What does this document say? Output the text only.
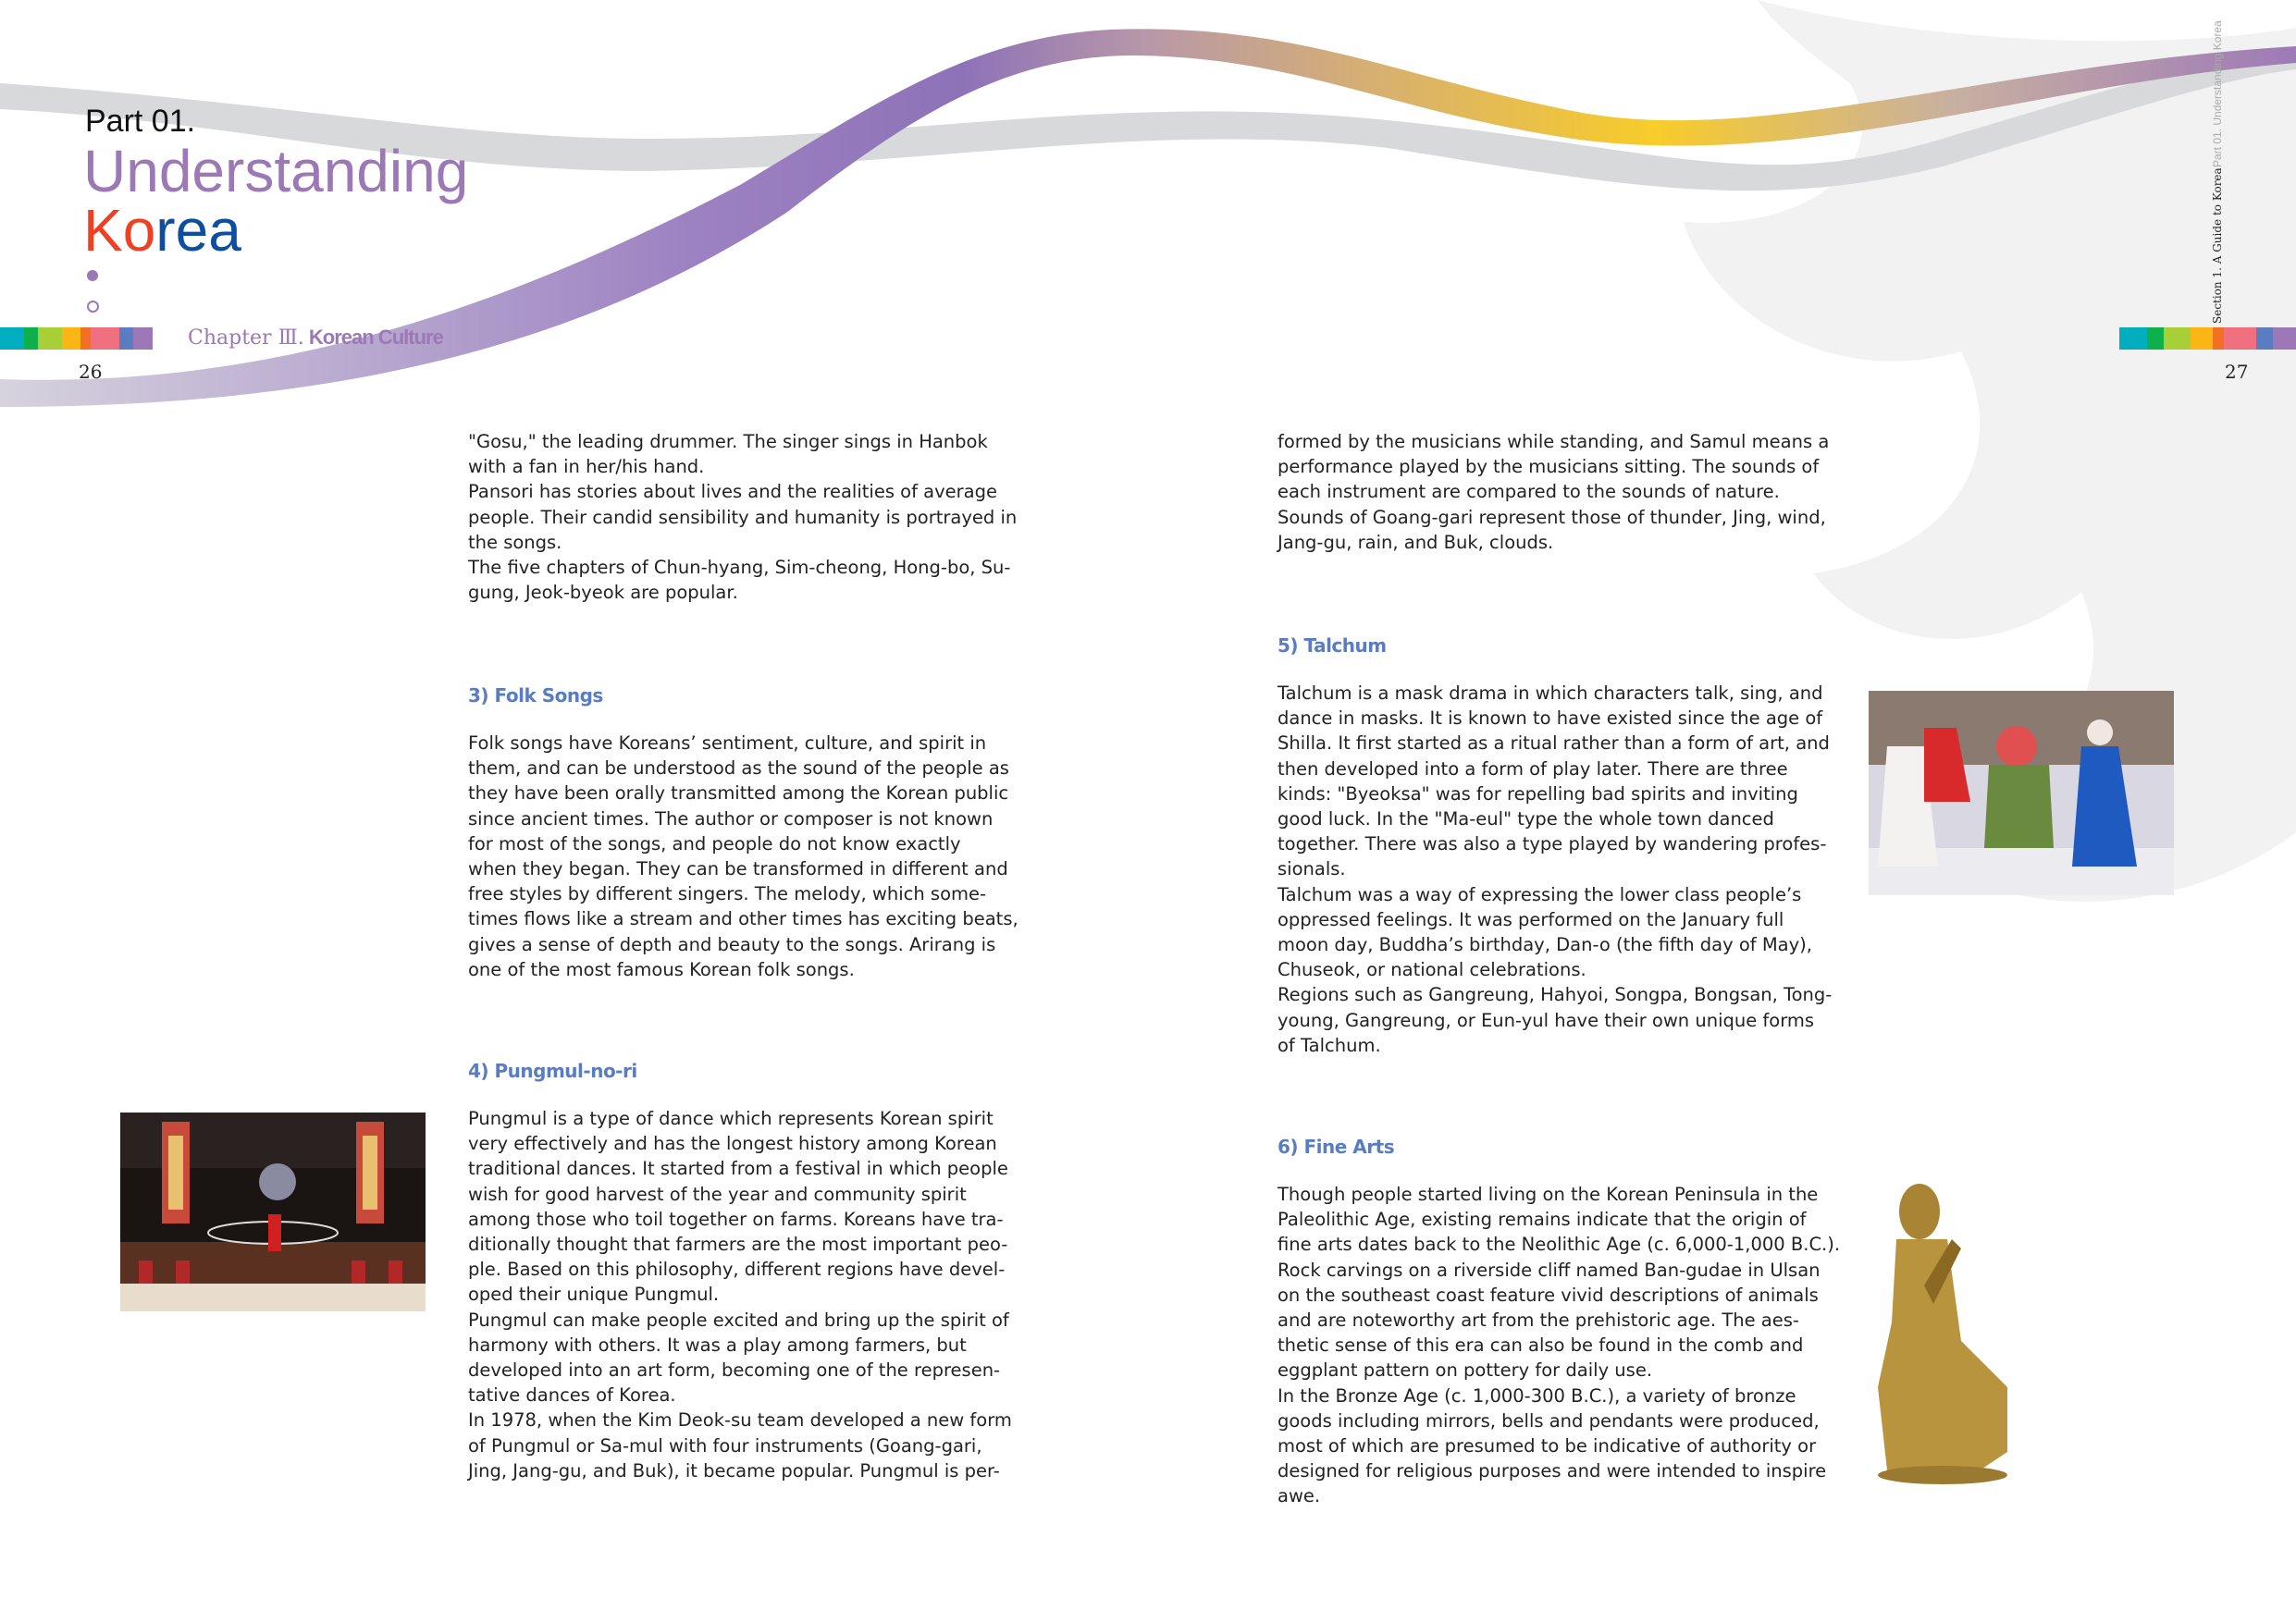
Part 01.
Understanding
Korea
Chapter Ⅲ. Korean Culture
26
Section 1. A Guide to KoreaPart 01. Understanding Korea
27
"Gosu," the leading drummer. The singer sings in Hanbok
with a fan in her/his hand.
Pansori has stories about lives and the realities of average
people. Their candid sensibility and humanity is portrayed in
the songs.
The five chapters of Chun-hyang, Sim-cheong, Hong-bo, Su-
gung, Jeok-byeok are popular.
3) Folk Songs
Folk songs have Koreans’ sentiment, culture, and spirit in
them, and can be understood as the sound of the people as
they have been orally transmitted among the Korean public
since ancient times. The author or composer is not known
for most of the songs, and people do not know exactly
when they began. They can be transformed in different and
free styles by different singers. The melody, which some-
times flows like a stream and other times has exciting beats,
gives a sense of depth and beauty to the songs. Arirang is
one of the most famous Korean folk songs.
4) Pungmul-no-ri
Pungmul is a type of dance which represents Korean spirit
very effectively and has the longest history among Korean
traditional dances. It started from a festival in which people
wish for good harvest of the year and community spirit
among those who toil together on farms. Koreans have tra-
ditionally thought that farmers are the most important peo-
ple. Based on this philosophy, different regions have devel-
oped their unique Pungmul.
Pungmul can make people excited and bring up the spirit of
harmony with others. It was a play among farmers, but
developed into an art form, becoming one of the represen-
tative dances of Korea.
In 1978, when the Kim Deok-su team developed a new form
of Pungmul or Sa-mul with four instruments (Goang-gari,
Jing, Jang-gu, and Buk), it became popular. Pungmul is per-
formed by the musicians while standing, and Samul means a
performance played by the musicians sitting. The sounds of
each instrument are compared to the sounds of nature.
Sounds of Goang-gari represent those of thunder, Jing, wind,
Jang-gu, rain, and Buk, clouds.
5) Talchum
Talchum is a mask drama in which characters talk, sing, and
dance in masks. It is known to have existed since the age of
Shilla. It first started as a ritual rather than a form of art, and
then developed into a form of play later. There are three
kinds: "Byeoksa" was for repelling bad spirits and inviting
good luck. In the "Ma-eul" type the whole town danced
together. There was also a type played by wandering profes-
sionals.
Talchum was a way of expressing the lower class people’s
oppressed feelings. It was performed on the January full
moon day, Buddha’s birthday, Dan-o (the fifth day of May),
Chuseok, or national celebrations.
Regions such as Gangreung, Hahyoi, Songpa, Bongsan, Tong-
young, Gangreung, or Eun-yul have their own unique forms
of Talchum.
6) Fine Arts
Though people started living on the Korean Peninsula in the
Paleolithic Age, existing remains indicate that the origin of
fine arts dates back to the Neolithic Age (c. 6,000-1,000 B.C.).
Rock carvings on a riverside cliff named Ban-gudae in Ulsan
on the southeast coast feature vivid descriptions of animals
and are noteworthy art from the prehistoric age. The aes-
thetic sense of this era can also be found in the comb and
eggplant pattern on pottery for daily use.
In the Bronze Age (c. 1,000-300 B.C.), a variety of bronze
goods including mirrors, bells and pendants were produced,
most of which are presumed to be indicative of authority or
designed for religious purposes and were intended to inspire
awe.
